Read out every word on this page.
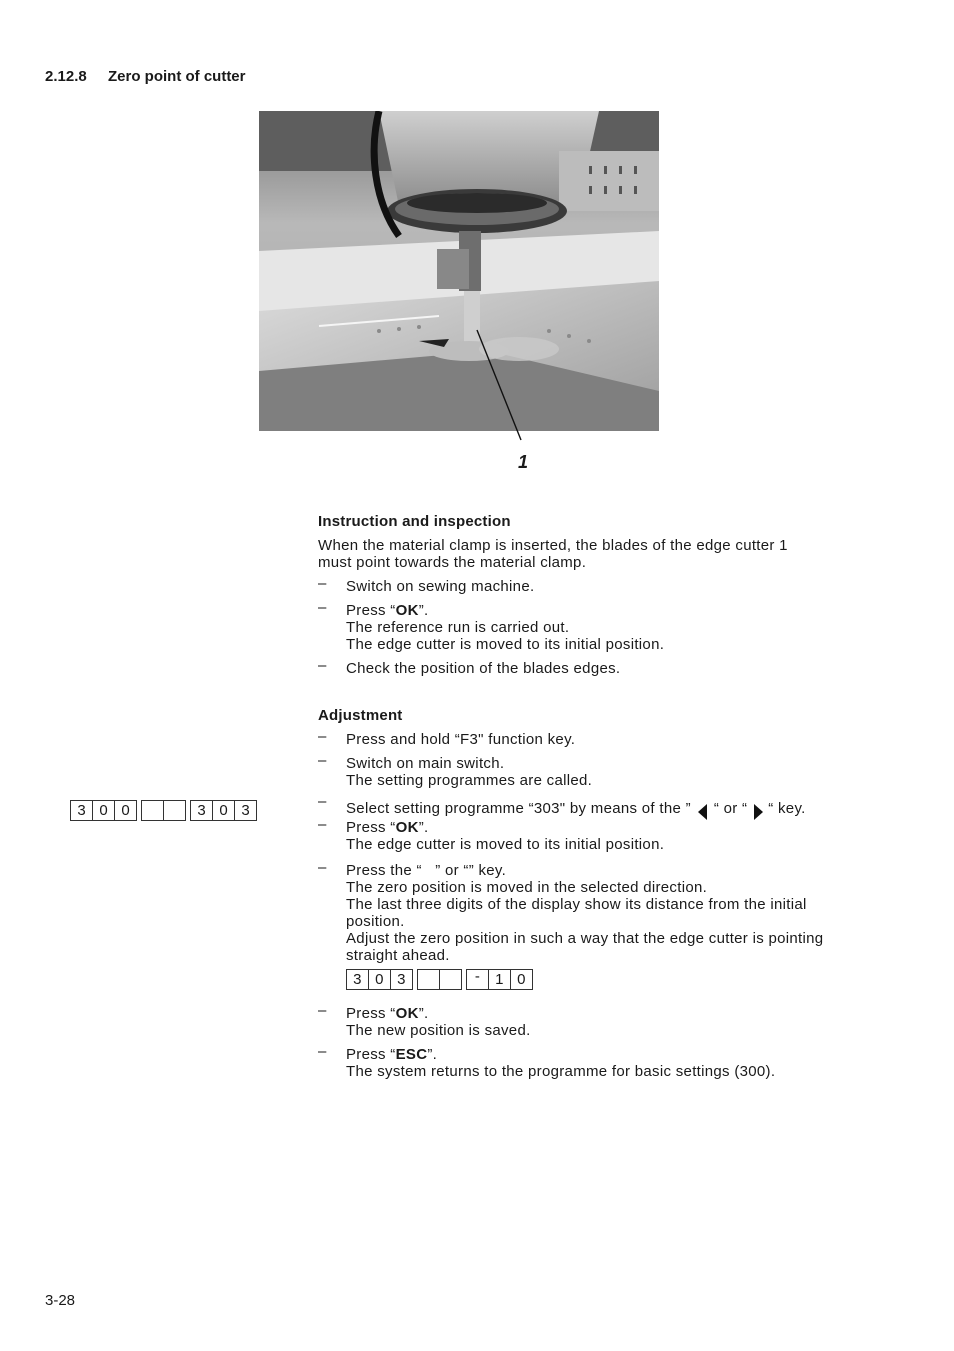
2.12.8 Zero point of cutter
1
Instruction and inspection
When the material clamp is inserted, the blades of the edge cutter 1
must point towards the material clamp.
– Switch on sewing machine.
– Press “OK”.
The reference run is carried out.
The edge cutter is moved to its initial position.
– Check the position of the blades edges.
Adjustment
– Press and hold “F3" function key.
– Switch on main switch.
The setting programmes are called.
3 0 0	3 0 3
– Select setting programme “303" by means of the ” “ or “ “ key.
– Press “OK”.
The edge cutter is moved to its initial position.
– Press the “   ” or “” key.
The zero position is moved in the selected direction.
The last three digits of the display show its distance from the initial position.
Adjust the zero position in such a way that the edge cutter is pointing straight ahead.
3 0 3	-	1 0
– Press “OK”.
The new position is saved.
– Press “ESC”.
The system returns to the programme for basic settings (300).
3-28
